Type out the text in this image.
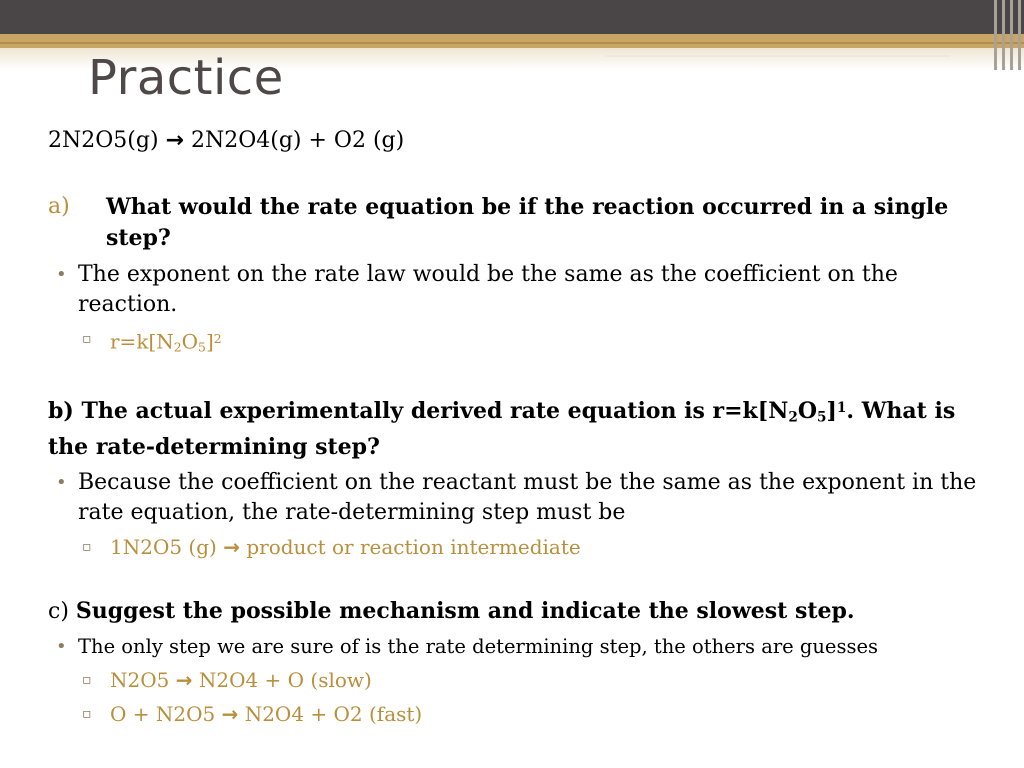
Practice
2N2O5(g) → 2N2O4(g) + O2 (g)
a) What would the rate equation be if the reaction occurred in a single step?
• The exponent on the rate law would be the same as the coefficient on the reaction.
▫ $r=k[N_2O_5]^2$
b) The actual experimentally derived rate equation is $r=k[N_2O_5]^1$. What is the rate-determining step?
• Because the coefficient on the reactant must be the same as the exponent in the rate equation, the rate-determining step must be
▫ 1N2O5 (g) → product or reaction intermediate
c) Suggest the possible mechanism and indicate the slowest step.
• The only step we are sure of is the rate determining step, the others are guesses
▫ N2O5 → N2O4 + O (slow)
▫ O + N2O5 → N2O4 + O2 (fast)
